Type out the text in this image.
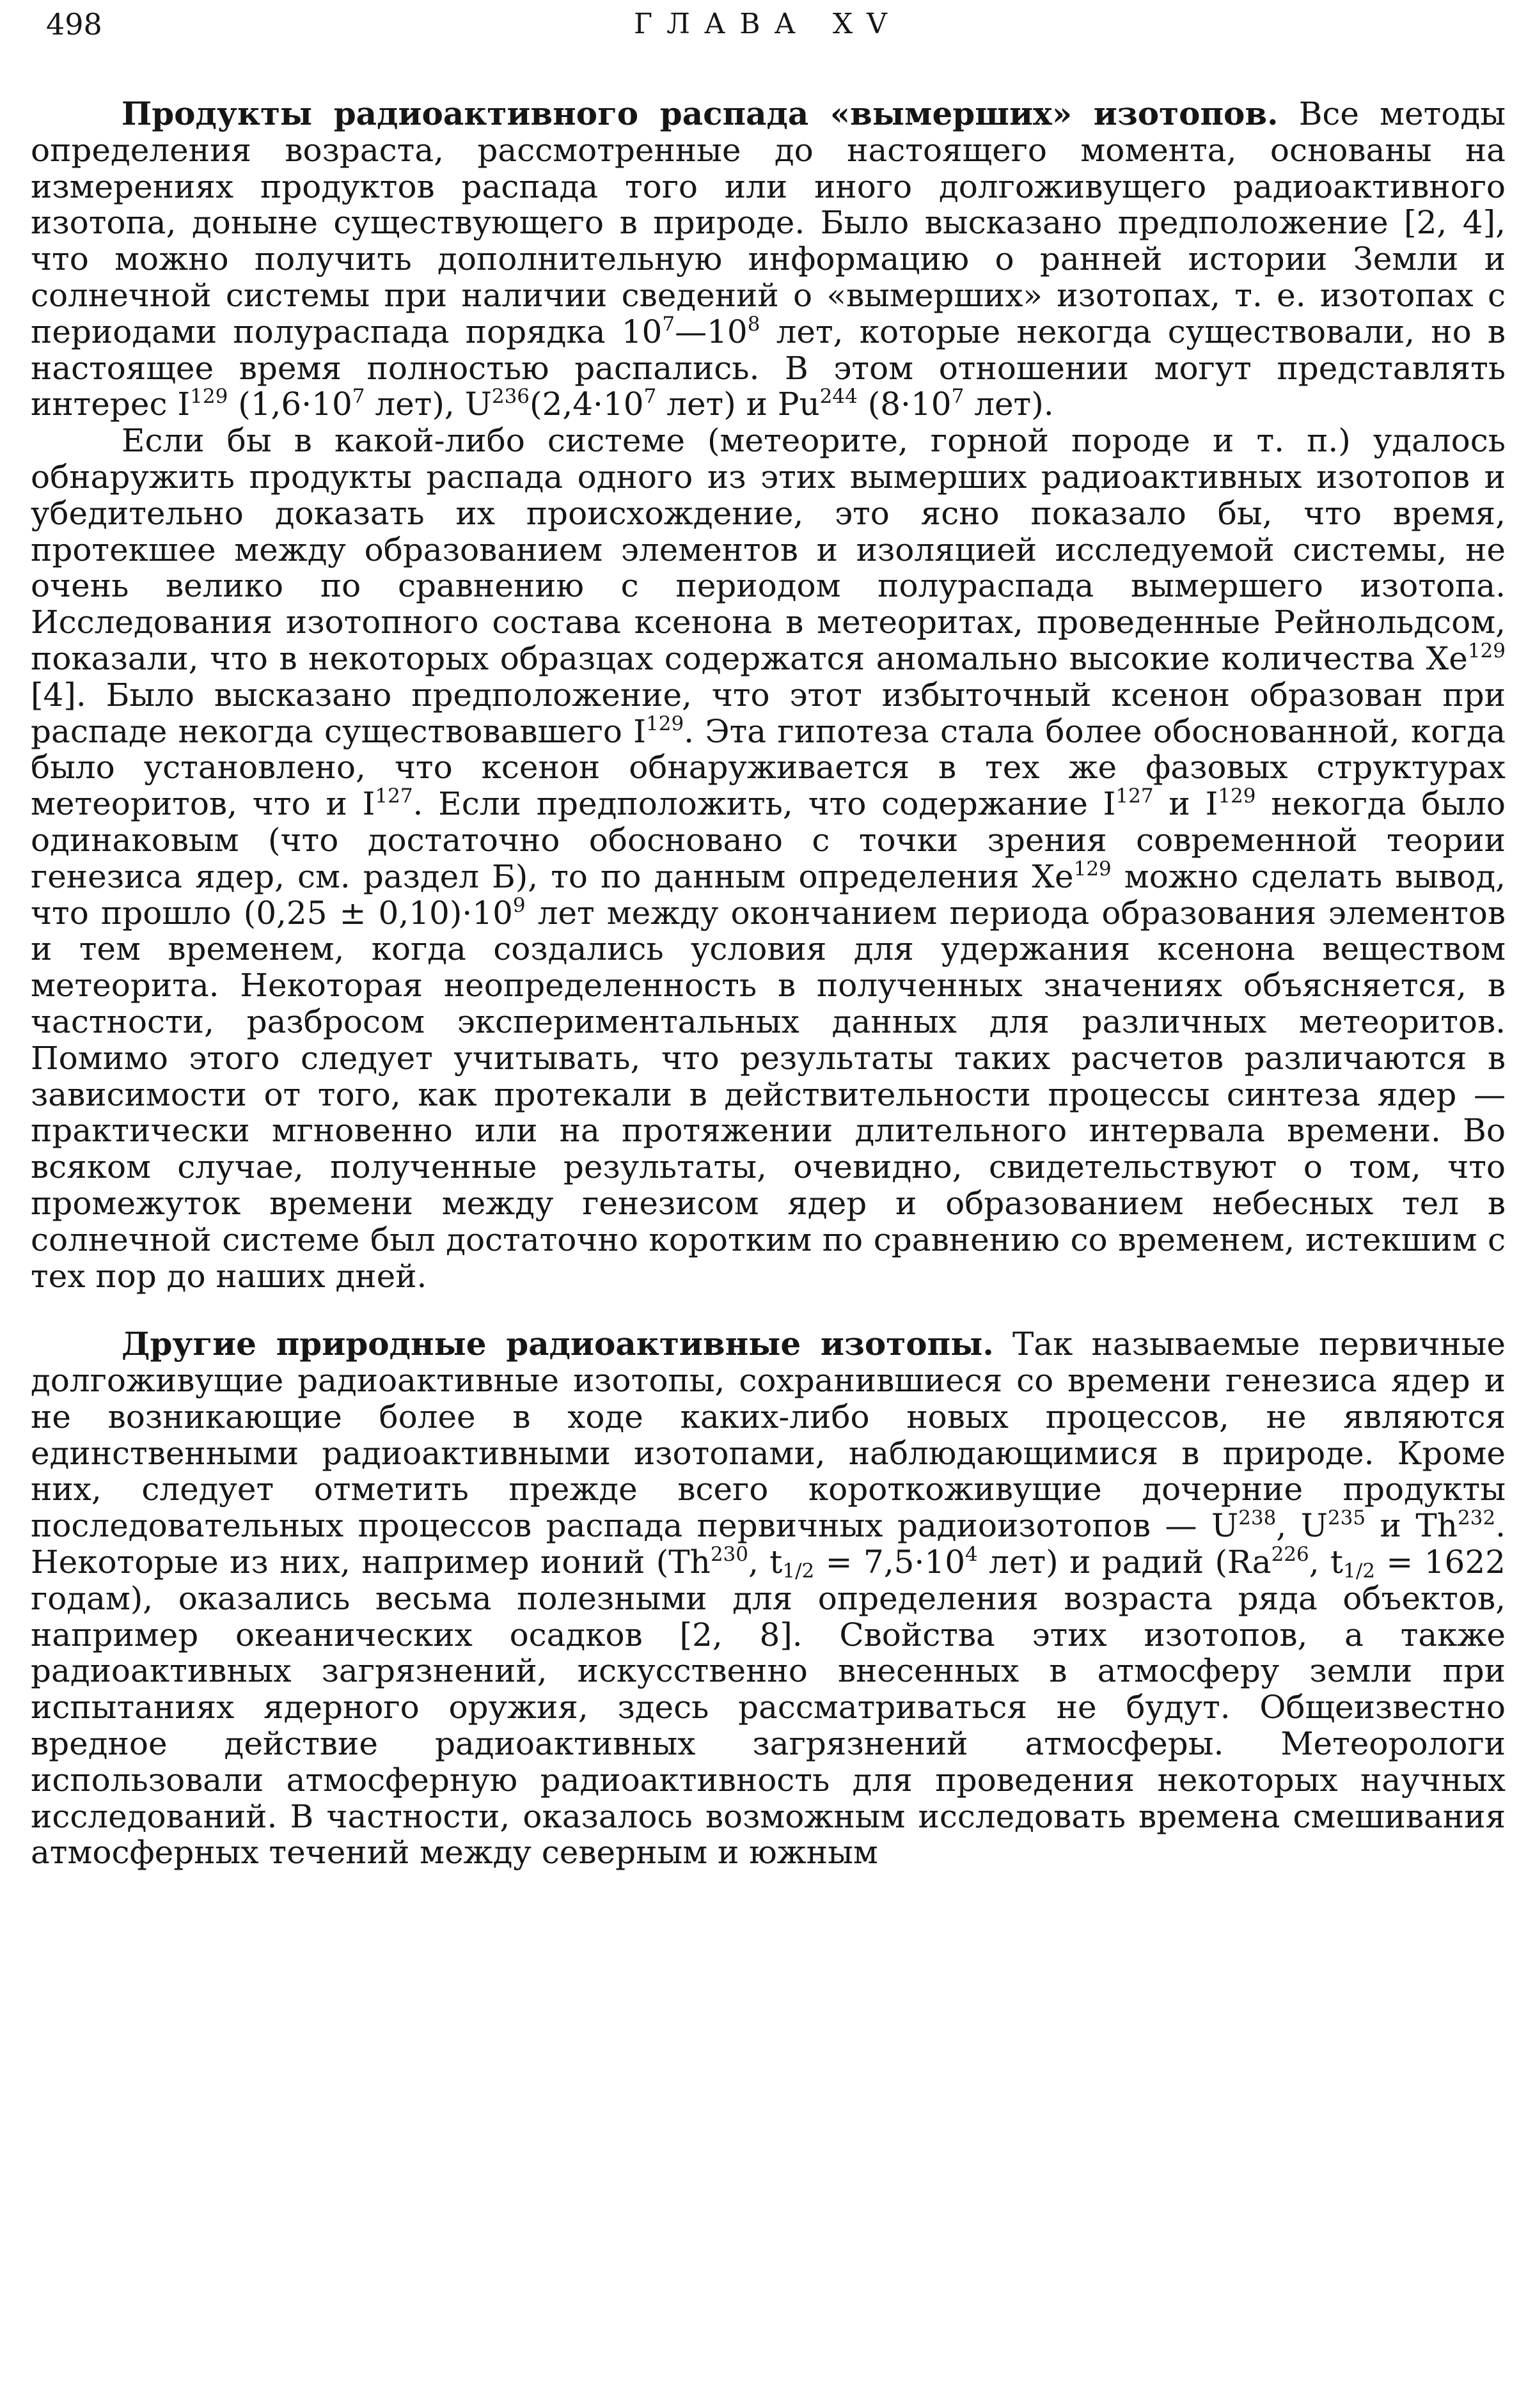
498	ГЛАВА XV

Продукты радиоактивного распада «вымерших» изотопов. Все методы определения возраста, рассмотренные до настоящего момента, основаны на измерениях продуктов распада того или иного долгоживущего радиоактивного изотопа, доныне существующего в природе. Было высказано предположение [2, 4], что можно получить дополнительную информацию о ранней истории Земли и солнечной системы при наличии сведений о «вымерших» изотопах, т. е. изотопах с периодами полураспада порядка $10^7—10^8$ лет, которые некогда существовали, но в настоящее время полностью распались. В этом отношении могут представлять интерес $I^{129}$ ($1,6\cdot 10^7$ лет), $U^{236}(2,4\cdot 10^7$ лет) и Pu$^{244}$ ($8\cdot 10^7$ лет).

Если бы в какой-либо системе (метеорите, горной породе и т. п.) удалось обнаружить продукты распада одного из этих вымерших радиоактивных изотопов и убедительно доказать их происхождение, это ясно показало бы, что время, протекшее между образованием элементов и изоляцией исследуемой системы, не очень велико по сравнению с периодом полураспада вымершего изотопа. Исследования изотопного состава ксенона в метеоритах, проведенные Рейнольдсом, показали, что в некоторых образцах содержатся аномально высокие количества Xe$^{129}$ [4]. Было высказано предположение, что этот избыточный ксенон образован при распаде некогда существовавшего $I^{129}$. Эта гипотеза стала более обоснованной, когда было установлено, что ксенон обнаруживается в тех же фазовых структурах метеоритов, что и $I^{127}$. Если предположить, что содержание $I^{127}$ и $I^{129}$ некогда было одинаковым (что достаточно обосновано с точки зрения современной теории генезиса ядер, см. раздел Б), то по данным определения Xe$^{129}$ можно сделать вывод, что прошло $(0,25 \pm 0,10)\cdot 10^9$ лет между окончанием периода образования элементов и тем временем, когда создались условия для удержания ксенона веществом метеорита. Некоторая неопределенность в полученных значениях объясняется, в частности, разбросом экспериментальных данных для различных метеоритов. Помимо этого следует учитывать, что результаты таких расчетов различаются в зависимости от того, как протекали в действительности процессы синтеза ядер — практически мгновенно или на протяжении длительного интервала времени. Во всяком случае, полученные результаты, очевидно, свидетельствуют о том, что промежуток времени между генезисом ядер и образованием небесных тел в солнечной системе был достаточно коротким по сравнению со временем, истекшим с тех пор до наших дней.

Другие природные радиоактивные изотопы. Так называемые первичные долгоживущие радиоактивные изотопы, сохранившиеся со времени генезиса ядер и не возникающие более в ходе каких-либо новых процессов, не являются единственными радиоактивными изотопами, наблюдающимися в природе. Кроме них, следует отметить прежде всего короткоживущие дочерние продукты последовательных процессов распада первичных радиоизотопов — $U^{238}$, $U^{235}$ и Th$^{232}$. Некоторые из них, например ионий (Th$^{230}$, $t_{1/2} = 7,5\cdot 10^4$ лет) и радий (Ra$^{226}$, $t_{1/2} = 1622$ годам), оказались весьма полезными для определения возраста ряда объектов, например океанических осадков [2, 8]. Свойства этих изотопов, а также радиоактивных загрязнений, искусственно внесенных в атмосферу земли при испытаниях ядерного оружия, здесь рассматриваться не будут. Общеизвестно вредное действие радиоактивных загрязнений атмосферы. Метеорологи использовали атмосферную радиоактивность для проведения некоторых научных исследований. В частности, оказалось возможным исследовать времена смешивания атмосферных течений между северным и южным
